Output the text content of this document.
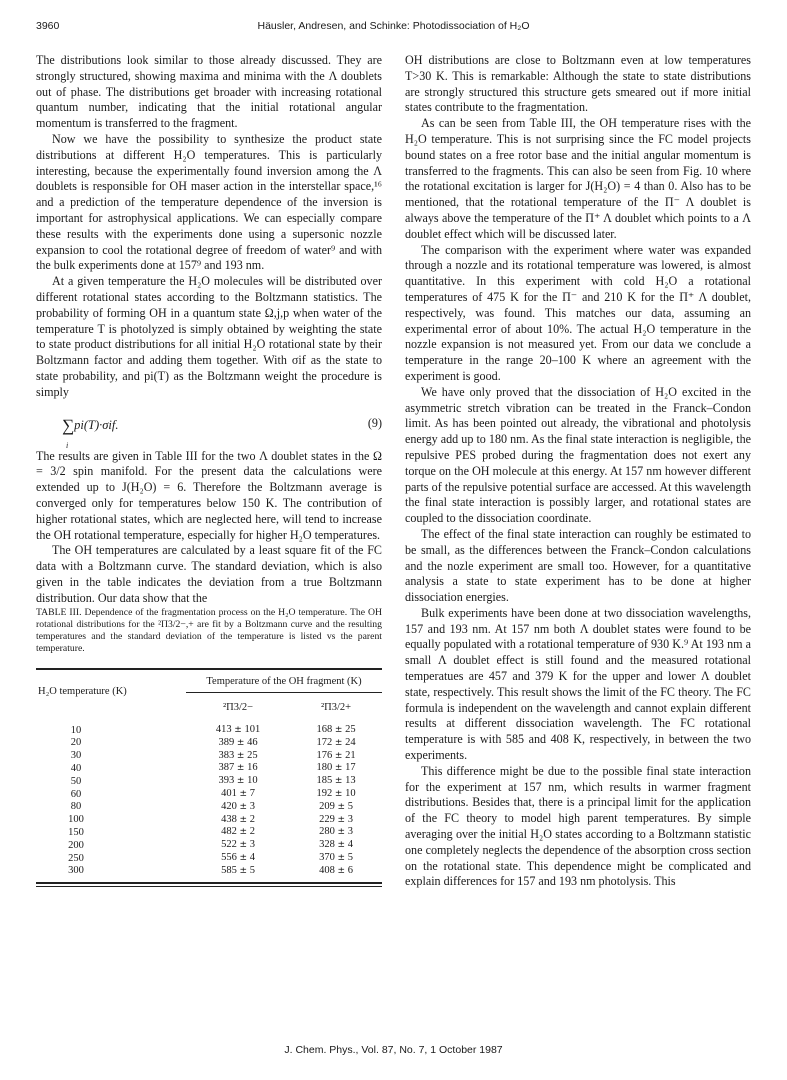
3960	Häusler, Andresen, and Schinke: Photodissociation of H₂O

The distributions look similar to those already discussed. They are strongly structured, showing maxima and minima with the Λ doublets out of phase. The distributions get broader with increasing rotational quantum number, indicating that the initial rotational angular momentum is transferred to the fragment.

Now we have the possibility to synthesize the product state distributions at different H₂O temperatures. This is particularly interesting, because the experimentally found inversion among the Λ doublets is responsible for OH maser action in the interstellar space,¹⁶ and a prediction of the temperature dependence of the inversion is important for astrophysical applications. We can especially compare these results with the experiments done using a supersonic nozzle expansion to cool the rotational degree of freedom of water⁹ and with the bulk experiments done at 157⁹ and 193 nm.

At a given temperature the H₂O molecules will be distributed over different rotational states according to the Boltzmann statistics. The probability of forming OH in a quantum state Ω,j,p when water of the temperature T is photolyzed is simply obtained by weighting the state to state product distributions for all initial H₂O rotational state by their Boltzmann factor and adding them together. With σif as the state to state probability, and pi(T) as the Boltzmann weight the procedure is simply

∑pi(T)·σif.
i
(9)

The results are given in Table III for the two Λ doublet states in the Ω = 3/2 spin manifold. For the present data the calculations were extended up to J(H₂O) = 6. Therefore the Boltzmann average is converged only for temperatures below 150 K. The contribution of higher rotational states, which are neglected here, will tend to increase the OH rotational temperature, especially for higher H₂O temperatures.

The OH temperatures are calculated by a least square fit of the FC data with a Boltzmann curve. The standard deviation, which is also given in the table indicates the deviation from a true Boltzmann distribution. Our data show that the

TABLE III. Dependence of the fragmentation process on the H₂O temperature. The OH rotational distributions for the ²Π3/2−,+ are fit by a Boltzmann curve and the resulting temperatures and the standard deviation of the temperature is listed vs the parent temperature.

H₂O temperature (K)	Temperature of the OH fragment (K)	
	²Π3/2−	²Π3/2+
10	413 ± 101	168 ± 25
20	389 ± 46	172 ± 24
30	383 ± 25	176 ± 21
40	387 ± 16	180 ± 17
50	393 ± 10	185 ± 13
60	401 ± 7	192 ± 10
80	420 ± 3	209 ± 5
100	438 ± 2	229 ± 3
150	482 ± 2	280 ± 3
200	522 ± 3	328 ± 4
250	556 ± 4	370 ± 5
300	585 ± 5	408 ± 6

OH distributions are close to Boltzmann even at low temperatures T>30 K. This is remarkable: Although the state to state distributions are strongly structured this structure gets smeared out if more initial states contribute to the fragmentation.

As can be seen from Table III, the OH temperature rises with the H₂O temperature. This is not surprising since the FC model projects bound states on a free rotor base and the initial angular momentum is transferred to the fragments. This can also be seen from Fig. 10 where the rotational excitation is larger for J(H₂O) = 4 than 0. Also has to be mentioned, that the rotational temperature of the Π⁻ Λ doublet is always above the temperature of the Π⁺ Λ doublet which points to a Λ doublet effect which will be discussed later.

The comparison with the experiment where water was expanded through a nozzle and its rotational temperature was lowered, is almost quantitative. In this experiment with cold H₂O a rotational temperatures of 475 K for the Π⁻ and 210 K for the Π⁺ Λ doublet, respectively, was found. This matches our data, assuming an experimental error of about 10%. The actual H₂O temperature in the nozzle expansion is not measured yet. From our data we conclude a temperature in the range 20–100 K where an agreement with the experiment is good.

We have only proved that the dissociation of H₂O excited in the asymmetric stretch vibration can be treated in the Franck–Condon limit. As has been pointed out already, the vibrational and photolysis energy add up to 180 nm. As the final state interaction is negligible, the repulsive PES probed during the fragmentation does not exert any torque on the OH molecule at this energy. At 157 nm however different parts of the repulsive potential surface are accessed. At this wavelength the final state interaction is possibly larger, and rotational states are coupled to the dissociation coordinate.

The effect of the final state interaction can roughly be estimated to be small, as the differences between the Franck–Condon calculations and the nozle experiment are small too. However, for a quantitative analysis a state to state experiment has to be done at higher dissociation energies.

Bulk experiments have been done at two dissociation wavelengths, 157 and 193 nm. At 157 nm both Λ doublet states were found to be equally populated with a rotational temperature of 930 K.⁹ At 193 nm a small Λ doublet effect is still found and the measured rotational temperatues are 457 and 379 K for the upper and lower Λ doublet state, respectively. This result shows the limit of the FC theory. The FC formula is independent on the wavelength and cannot explain different results at different dissociation wavelength. The FC rotational temperature is with 585 and 408 K, respectively, in between the two experiments.

This difference might be due to the possible final state interaction for the experiment at 157 nm, which results in warmer fragment distributions. Besides that, there is a principal limit for the application of the FC theory to model high parent temperatures. By simple averaging over the initial H₂O states according to a Boltzmann statistic one completely neglects the dependence of the absorption cross section on the rotational state. This dependence might be complicated and explain differences for 157 and 193 nm photolysis. This

J. Chem. Phys., Vol. 87, No. 7, 1 October 1987
